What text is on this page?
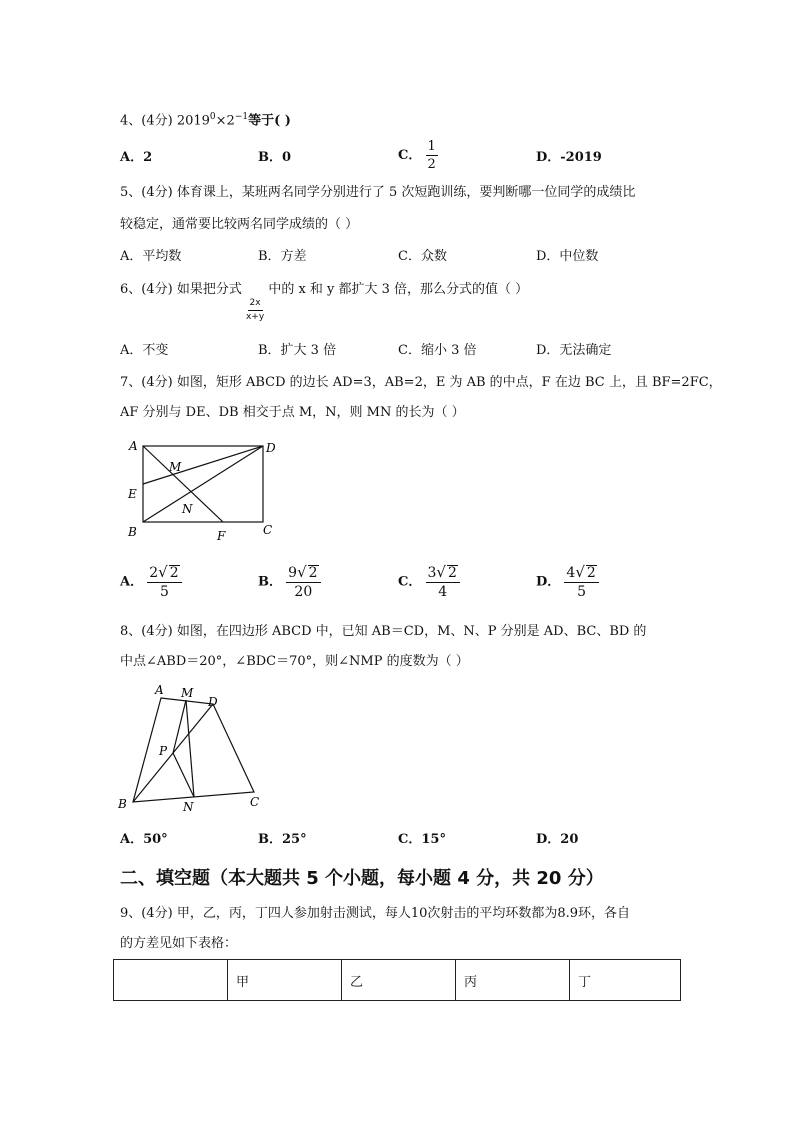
4、(4分) $2019^0\times 2^{-1}$等于( )
A．2	B．0	C． $\frac{1}{2}$	D．-2019
5、(4分) 体育课上，某班两名同学分别进行了 5 次短跑训练，要判断哪一位同学的成绩比
较稳定，通常要比较两名同学成绩的（ ）
A．平均数	B．方差	C．众数	D．中位数
6、(4分) 如果把分式
$\frac{2x}{x+y}$
中的 x 和 y 都扩大 3 倍，那么分式的值（ ）
A．不变	B．扩大 3 倍	C．缩小 3 倍	D．无法确定
7、(4分) 如图，矩形 ABCD 的边长 AD=3，AB=2，E 为 AB 的中点，F 在边 BC 上，且 BF=2FC，
AF 分别与 DE、DB 相交于点 M，N，则 MN 的长为（ ）
A	D
M
E
N
B	F	C
A． $\frac{2√ 2}{5}$	B． $\frac{9√ 2}{20}$	C． $\frac{3√ 2}{4}$	D． $\frac{4√ 2}{5}$
8、(4分) 如图，在四边形 ABCD 中，已知 AB＝CD，M、N、P 分别是 AD、BC、BD 的
中点∠ABD＝20°，∠BDC＝70°，则∠NMP 的度数为（ ）
A M
D
P
B	N	C
A．50°	B．25°	C．15°	D．20
二、填空题（本大题共 5 个小题，每小题 4 分，共 20 分）
9、(4分) 甲，乙，丙，丁四人参加射击测试，每人10次射击的平均环数都为8.9环，各自
的方差见如下表格：
	甲	乙	丙	丁
